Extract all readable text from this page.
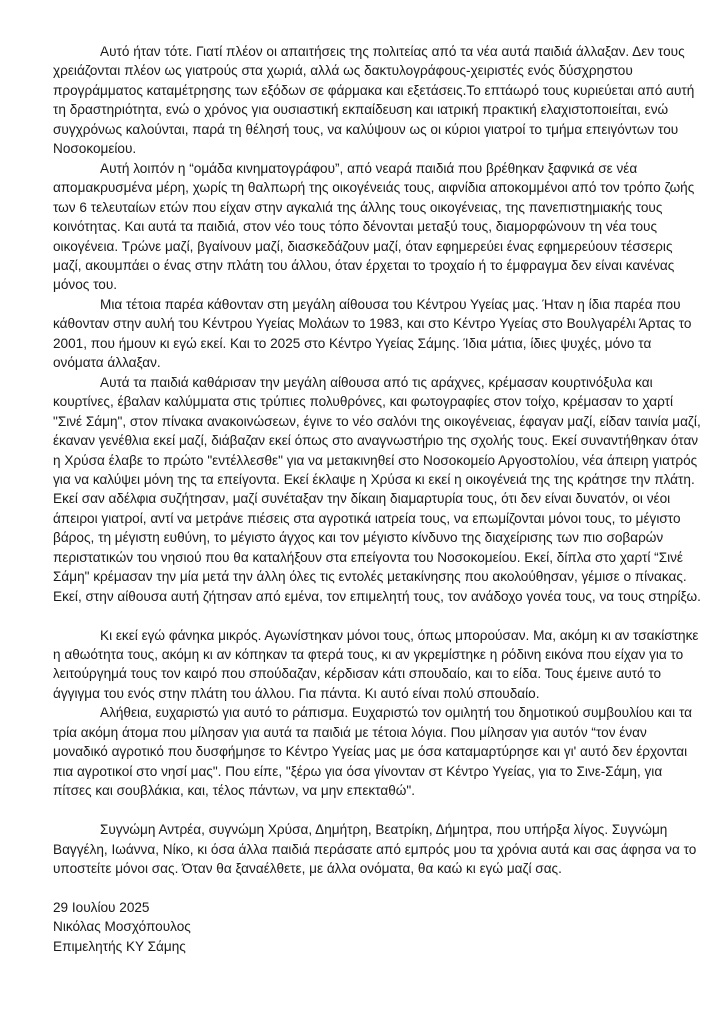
Αυτό ήταν τότε. Γιατί πλέον οι απαιτήσεις της πολιτείας από τα νέα αυτά παιδιά άλλαξαν. Δεν τους
χρειάζονται πλέον ως γιατρούς στα χωριά, αλλά ως δακτυλογράφους-χειριστές ενός δύσχρηστου
προγράμματος καταμέτρησης των εξόδων σε φάρμακα και εξετάσεις.Το επτάωρό τους κυριεύεται από αυτή
τη δραστηριότητα, ενώ ο χρόνος για ουσιαστική εκπαίδευση και ιατρική πρακτική ελαχιστοποιείται, ενώ
συγχρόνως καλούνται, παρά τη θέλησή τους, να καλύψουν ως οι κύριοι γιατροί το τμήμα επειγόντων του
Νοσοκομείου.

Αυτή λοιπόν η “ομάδα κινηματογράφου”, από νεαρά παιδιά που βρέθηκαν ξαφνικά σε νέα
απομακρυσμένα μέρη, χωρίς τη θαλπωρή της οικογένειάς τους, αιφνίδια αποκομμένοι από τον τρόπο ζωής
των 6 τελευταίων ετών που είχαν στην αγκαλιά της άλλης τους οικογένειας, της πανεπιστημιακής τους
κοινότητας. Και αυτά τα παιδιά, στον νέο τους τόπο δένονται μεταξύ τους, διαμορφώνουν τη νέα τους
οικογένεια. Τρώνε μαζί, βγαίνουν μαζί, διασκεδάζουν μαζί, όταν εφημερεύει ένας εφημερεύουν τέσσερις
μαζί, ακουμπάει ο ένας στην πλάτη του άλλου, όταν έρχεται το τροχαίο ή το έμφραγμα δεν είναι κανένας
μόνος του.

Μια τέτοια παρέα κάθονταν στη μεγάλη αίθουσα του Κέντρου Υγείας μας. Ήταν η ίδια παρέα που
κάθονταν στην αυλή του Κέντρου Υγείας Μολάων το 1983, και στο Κέντρο Υγείας στο Βουλγαρέλι Άρτας το
2001, που ήμουν κι εγώ εκεί. Και το 2025 στο Κέντρο Υγείας Σάμης. Ίδια μάτια, ίδιες ψυχές, μόνο τα
ονόματα άλλαξαν.

Αυτά τα παιδιά καθάρισαν την μεγάλη αίθουσα από τις αράχνες, κρέμασαν κουρτινόξυλα και
κουρτίνες, έβαλαν καλύμματα στις τρύπιες πολυθρόνες, και φωτογραφίες στον τοίχο, κρέμασαν το χαρτί
"Σινέ Σάμη", στον πίνακα ανακοινώσεων, έγινε το νέο σαλόνι της οικογένειας, έφαγαν μαζί, είδαν ταινία μαζί,
έκαναν γενέθλια εκεί μαζί, διάβαζαν εκεί όπως στο αναγνωστήριο της σχολής τους. Εκεί συναντήθηκαν όταν
η Χρύσα έλαβε το πρώτο "εντέλλεσθε" για να μετακινηθεί στο Νοσοκομείο Αργοστολίου, νέα άπειρη γιατρός
για να καλύψει μόνη της τα επείγοντα. Εκεί έκλαψε η Χρύσα κι εκεί η οικογένειά της της κράτησε την πλάτη.
Εκεί σαν αδέλφια συζήτησαν, μαζί συνέταξαν την δίκαιη διαμαρτυρία τους, ότι δεν είναι δυνατόν, οι νέοι
άπειροι γιατροί, αντί να μετράνε πιέσεις στα αγροτικά ιατρεία τους, να επωμίζονται μόνοι τους, το μέγιστο
βάρος, τη μέγιστη ευθύνη, το μέγιστο άγχος και τον μέγιστο κίνδυνο της διαχείρισης των πιο σοβαρών
περιστατικών του νησιού που θα καταλήξουν στα επείγοντα του Νοσοκομείου. Εκεί, δίπλα στο χαρτί “Σινέ
Σάμη" κρέμασαν την μία μετά την άλλη όλες τις εντολές μετακίνησης που ακολούθησαν, γέμισε ο πίνακας.
Εκεί, στην αίθουσα αυτή ζήτησαν από εμένα, τον επιμελητή τους, τον ανάδοχο γονέα τους, να τους στηρίξω.

Κι εκεί εγώ φάνηκα μικρός. Αγωνίστηκαν μόνοι τους, όπως μπορούσαν. Μα, ακόμη κι αν τσακίστηκε
η αθωότητα τους, ακόμη κι αν κόπηκαν τα φτερά τους, κι αν γκρεμίστηκε η ρόδινη εικόνα που είχαν για το
λειτούργημά τους τον καιρό που σπούδαζαν, κέρδισαν κάτι σπουδαίο, και το είδα. Τους έμεινε αυτό το
άγγιγμα του ενός στην πλάτη του άλλου. Για πάντα. Κι αυτό είναι πολύ σπουδαίο.

Αλήθεια, ευχαριστώ για αυτό το ράπισμα. Ευχαριστώ τον ομιλητή του δημοτικού συμβουλίου και τα
τρία ακόμη άτομα που μίλησαν για αυτά τα παιδιά με τέτοια λόγια. Που μίλησαν για αυτόν “τον έναν
μοναδικό αγροτικό που δυσφήμησε το Κέντρο Υγείας μας με όσα καταμαρτύρησε και γι' αυτό δεν έρχονται
πια αγροτικοί στο νησί μας". Που είπε, "ξέρω για όσα γίνονταν στ Κέντρο Υγείας, για το Σινε-Σάμη, για
πίτσες και σουβλάκια, και, τέλος πάντων, να μην επεκταθώ".

Συγνώμη Αντρέα, συγνώμη Χρύσα, Δημήτρη, Βεατρίκη, Δήμητρα, που υπήρξα λίγος. Συγνώμη
Βαγγέλη, Ιωάννα, Νίκο, κι όσα άλλα παιδιά περάσατε από εμπρός μου τα χρόνια αυτά και σας άφησα να το
υποστείτε μόνοι σας. Όταν θα ξαναέλθετε, με άλλα ονόματα, θα καώ κι εγώ μαζί σας.

29 Ιουλίου 2025
Νικόλας Μοσχόπουλος
Επιμελητής ΚΥ Σάμης
